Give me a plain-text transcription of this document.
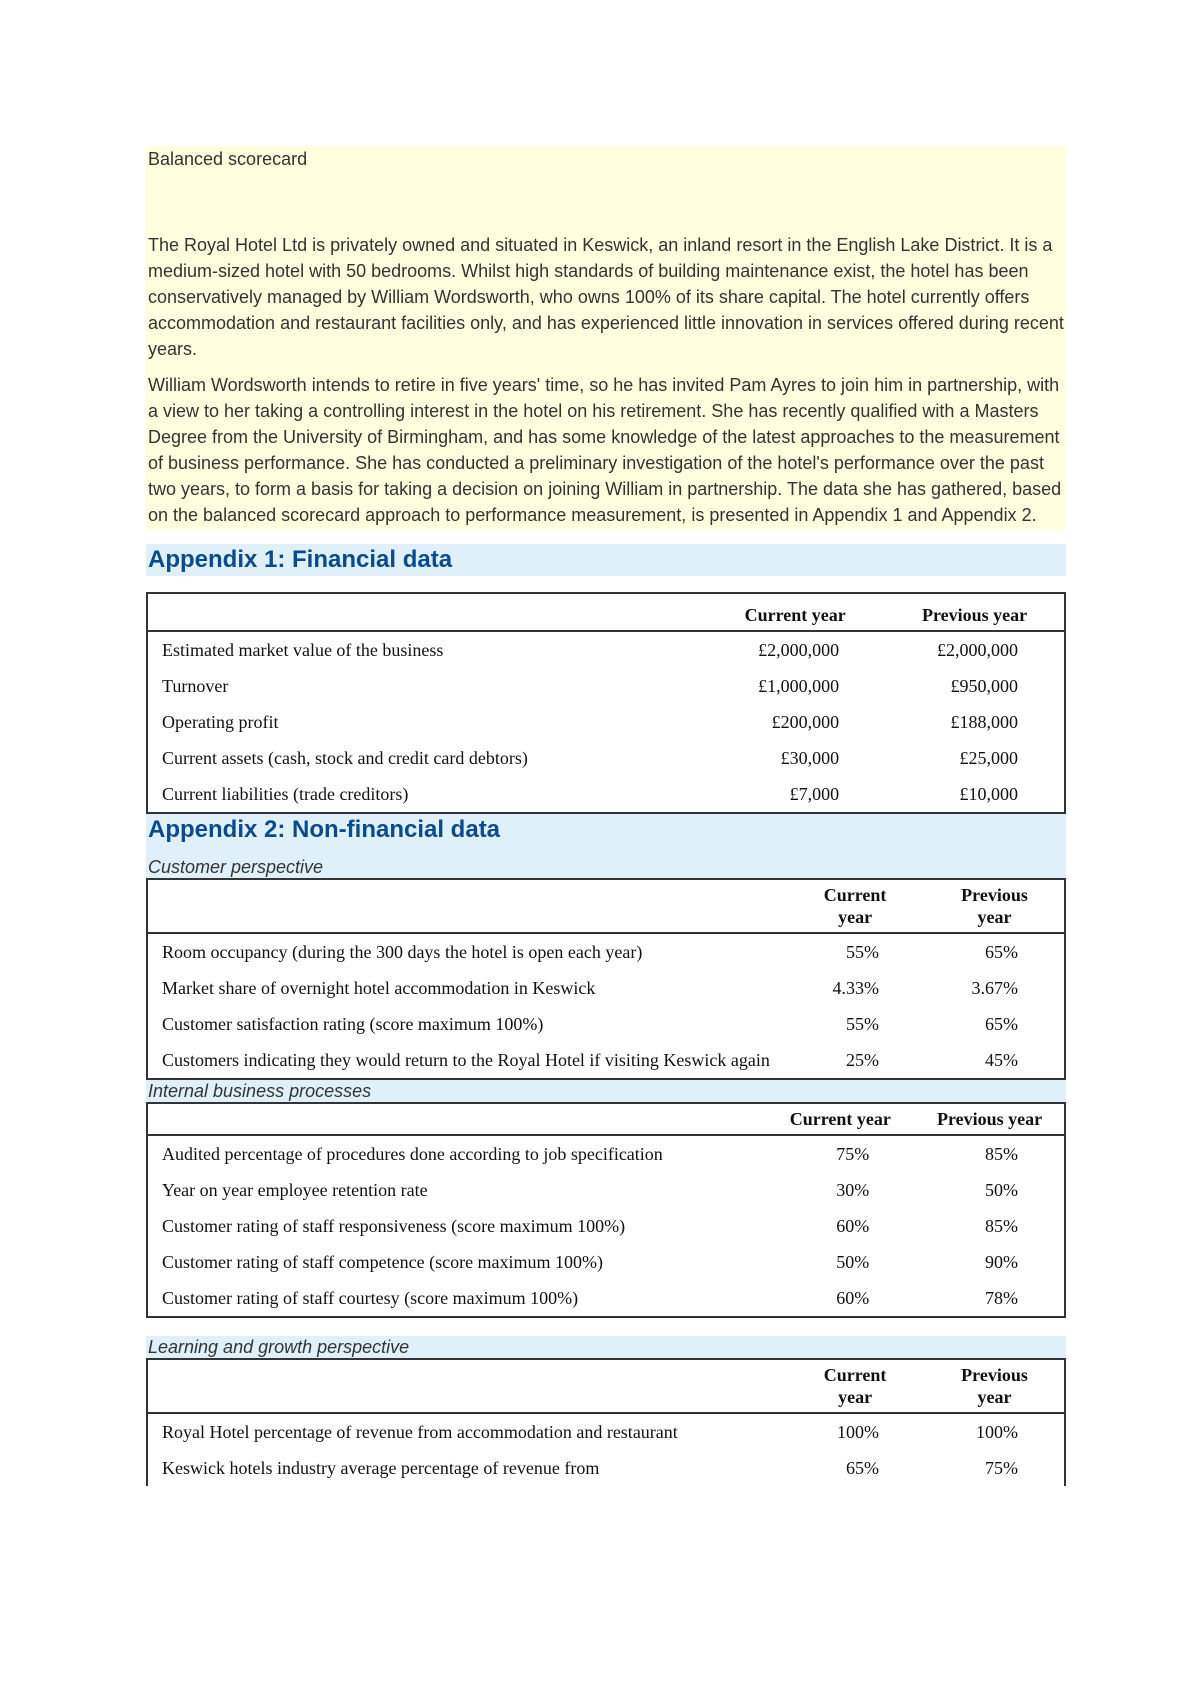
Balanced scorecard

The Royal Hotel Ltd is privately owned and situated in Keswick, an inland resort in the English Lake District. It is a medium-sized hotel with 50 bedrooms. Whilst high standards of building maintenance exist, the hotel has been conservatively managed by William Wordsworth, who owns 100% of its share capital. The hotel currently offers accommodation and restaurant facilities only, and has experienced little innovation in services offered during recent years.

William Wordsworth intends to retire in five years' time, so he has invited Pam Ayres to join him in partnership, with a view to her taking a controlling interest in the hotel on his retirement. She has recently qualified with a Masters Degree from the University of Birmingham, and has some knowledge of the latest approaches to the measurement of business performance. She has conducted a preliminary investigation of the hotel's performance over the past two years, to form a basis for taking a decision on joining William in partnership. The data she has gathered, based on the balanced scorecard approach to performance measurement, is presented in Appendix 1 and Appendix 2.

Appendix 1: Financial data
	Current year	Previous year
Estimated market value of the business	£2,000,000	£2,000,000
Turnover	£1,000,000	£950,000
Operating profit	£200,000	£188,000
Current assets (cash, stock and credit card debtors)	£30,000	£25,000
Current liabilities (trade creditors)	£7,000	£10,000
Appendix 2: Non-financial data
Customer perspective
	Current year	Previous year
Room occupancy (during the 300 days the hotel is open each year)	55%	65%
Market share of overnight hotel accommodation in Keswick	4.33%	3.67%
Customer satisfaction rating (score maximum 100%)	55%	65%
Customers indicating they would return to the Royal Hotel if visiting Keswick again	25%	45%
Internal business processes
	Current year	Previous year
Audited percentage of procedures done according to job specification	75%	85%
Year on year employee retention rate	30%	50%
Customer rating of staff responsiveness (score maximum 100%)	60%	85%
Customer rating of staff competence (score maximum 100%)	50%	90%
Customer rating of staff courtesy (score maximum 100%)	60%	78%
Learning and growth perspective
	Current year	Previous year
Royal Hotel percentage of revenue from accommodation and restaurant	100%	100%
Keswick hotels industry average percentage of revenue from	65%	75%
